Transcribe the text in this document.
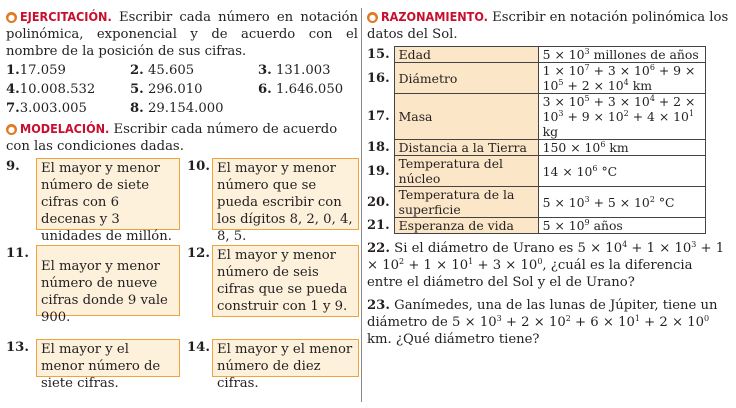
● EJERCITACIÓN. Escribir cada número en notación polinómica, exponencial y de acuerdo con el nombre de la posición de sus cifras.

1.17.059	2. 45.605	3. 131.003
4.10.008.532	5. 296.010	6. 1.646.050
7.3.003.005	8. 29.154.000

● MODELACIÓN. Escribir cada número de acuerdo con las condiciones dadas.

9.	El mayor y menor número de siete cifras con 6 decenas y 3 unidades de millón.
10. El mayor y menor número que se pueda escribir con los dígitos 8, 2, 0, 4, 8, 5.
11.
El mayor y menor número de nueve cifras donde 9 vale 900.
12. El mayor y menor número de seis cifras que se pueda construir con 1 y 9.
13. El mayor y el menor número de siete cifras.
14. El mayor y el menor número de diez cifras.

● RAZONAMIENTO. Escribir en notación polinómica los datos del Sol.

15.	Edad	$5 \times 10^3$ millones de años
16.	Diámetro	$1 \times 10^7 + 3 \times 10^6 + 9 \times 10^5 + 2 \times 10^4$ km
17.	Masa	$3 \times 10^5 + 3 \times 10^4 + 2 \times 10^3 + 9 \times 10^2 + 4 \times 10^1$ kg
18.	Distancia a la Tierra	$150 \times 10^6$ km
19.	Temperatura del núcleo	$14 \times 10^6$ °C
20.	Temperatura de la superficie	$5 \times 10^3 + 5 \times 10^2$ °C
21.	Esperanza de vida	$5 \times 10^9$ años

22. Si el diámetro de Urano es $5 \times 10^4 + 1 \times 10^3 + 1 \times 10^2 + 1 \times 10^1 + 3 \times 10^0$, ¿cuál es la diferencia entre el diámetro del Sol y el de Urano?

23. Ganímedes, una de las lunas de Júpiter, tiene un diámetro de $5 \times 10^3 + 2 \times 10^2 + 6 \times 10^1 + 2 \times 10^0$ km. ¿Qué diámetro tiene?
